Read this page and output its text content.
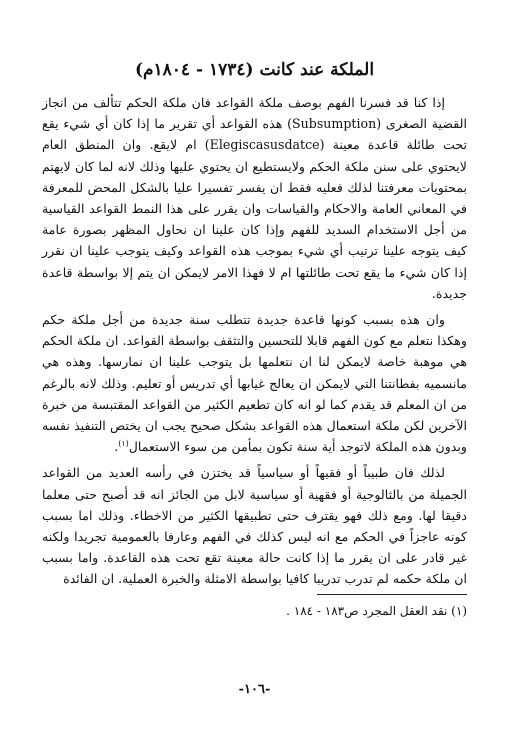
الملكة عند كانت (١٧٣٤ - ١٨٠٤م)

إذا كنا قد فسرنا الفهم بوصف ملكة القواعد فان ملكة الحكم تتألف من انجاز القضية الصغرى (Subsumption) هذه القواعد أي تقرير ما إذا كان أي شيء يقع تحت طائلة قاعدة معينة (Elegiscasusdatce) ام لايقع. وان المنطق العام لايحتوي على سنن ملكة الحكم ولايستطيع ان يحتوي عليها وذلك لانه لما كان لايهتم بمحتويات معرفتنا لذلك فعليه فقط ان يفسر تفسيرا عليا بالشكل المحض للمعرفة في المعاني العامة والاحكام والقياسات وان يقرر على هذا النمط القواعد القياسية من أجل الاستخدام السديد للفهم وإذا كان علينا ان نحاول المظهر بصورة عامة كيف يتوجه علينا ترتيب أي شيء بموجب هذه القواعد وكيف يتوجب علينا ان نقرر إذا كان شيء ما يقع تحت طائلتها ام لا فهذا الامر لايمكن ان يتم إلا بواسطة قاعدة جديدة.

وان هذه بسبب كونها قاعدة جديدة تتطلب سنة جديدة من أجل ملكة حكم وهكذا نتعلم مع كون الفهم قابلا للتحسين والتثقف بواسطة القواعد. ان ملكة الحكم هي موهبة خاصة لايمكن لنا ان نتعلمها بل يتوجب علينا ان نمارسها. وهذه هي مانسميه بفطانتنا التي لايمكن ان يعالج غيابها أي تدريس أو تعليم. وذلك لانه بالرغم من ان المعلم قد يقدم كما لو انه كان تطعيم الكثير من القواعد المقتبسة من خبرة الآخرين لكن ملكة استعمال هذه القواعد بشكل صحيح يجب ان يختص التنفيذ نفسه وبدون هذه الملكة لاتوجد أية سنة تكون بمأمن من سوء الاستعمال$^{(١)}$.

لذلك فان طبيباً أو فقيهاً أو سياسياً قد يختزن في رأسه العديد من القواعد الجميلة من بالثالوجية أو فقهية أو سياسية لابل من الجائز انه قد أصبح حتى معلما دقيقا لها. ومع ذلك فهو يقترف حتى تطبيقها الكثير من الاخطاء. وذلك اما بسبب كونه عاجزاً في الحكم مع انه ليس كذلك في الفهم وعارفا بالعمومية تجريدا ولكنه غير قادر على ان يقرر ما إذا كانت حالة معينة تقع تحت هذه القاعدة. واما بسبب ان ملكة حكمه لم تدرب تدريبا كافيا بواسطة الامثلة والخبرة العملية. ان الفائدة

(١) نقد العقل المجرد ص١٨٣ - ١٨٤ .
-١٠٦-
